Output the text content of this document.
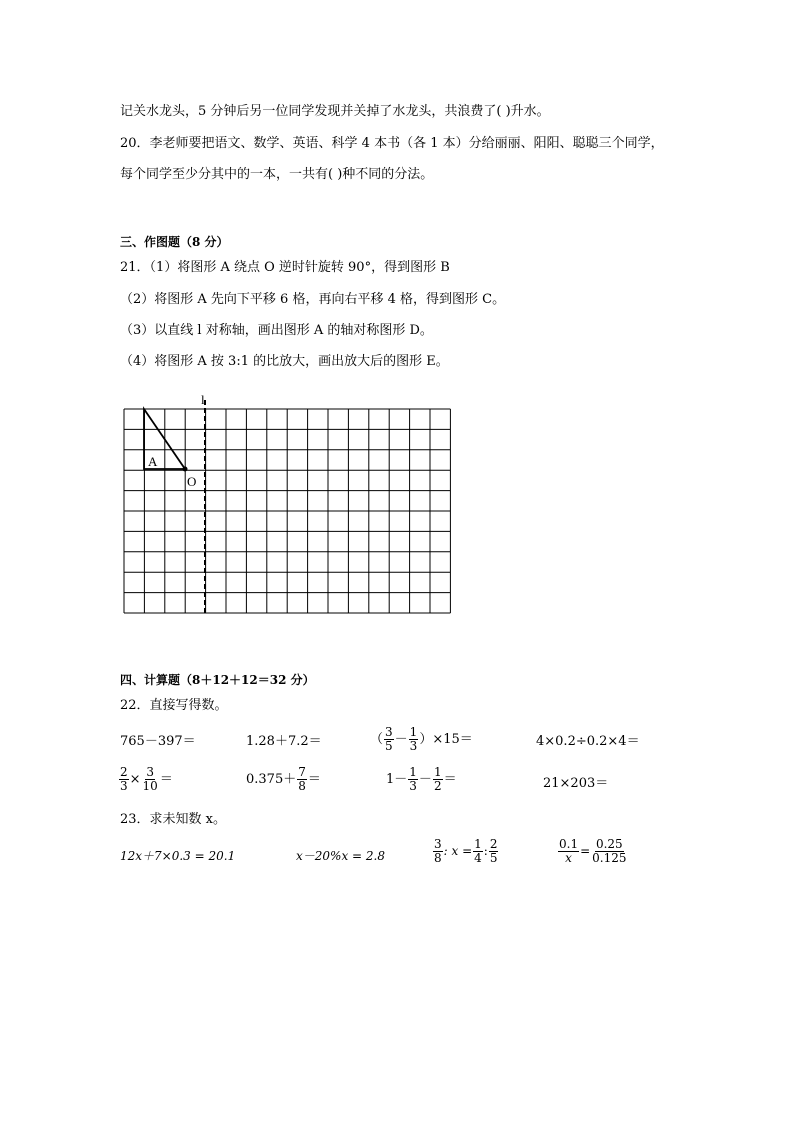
记关水龙头，5 分钟后另一位同学发现并关掉了水龙头，共浪费了( )升水。
20．李老师要把语文、数学、英语、科学 4 本书（各 1 本）分给丽丽、阳阳、聪聪三个同学，
每个同学至少分其中的一本，一共有( )种不同的分法。
三、作图题（8 分）
21．（1）将图形 A 绕点 O 逆时针旋转 90°，得到图形 B
（2）将图形 A 先向下平移 6 格，再向右平移 4 格，得到图形 C。
（3）以直线 l 对称轴，画出图形 A 的轴对称图形 D。
（4）将图形 A 按 3:1 的比放大，画出放大后的图形 E。
l
A
O
四、计算题（8＋12＋12＝32 分）
22．直接写得数。
765－397＝	1.28＋7.2＝	（ $\frac{3}{5} - \frac{1}{3} )\times 15=$	4×0.2÷0.2×4＝
$\frac{2}{3} \times \frac{3}{10}$ ＝	$0.375+ \frac{7}{8}$ ＝	$1- \frac{1}{3} - \frac{1}{2}$ ＝	21×203＝
23．求未知数 x。
12x＋7×0.3 = 20.1	x－20%x = 2.8	$\frac{3}{8}$ : $x = \frac{1}{4}$ : $\frac{2}{5}$	$\frac{0.1}{x} = \frac{0.25}{0.125}$
